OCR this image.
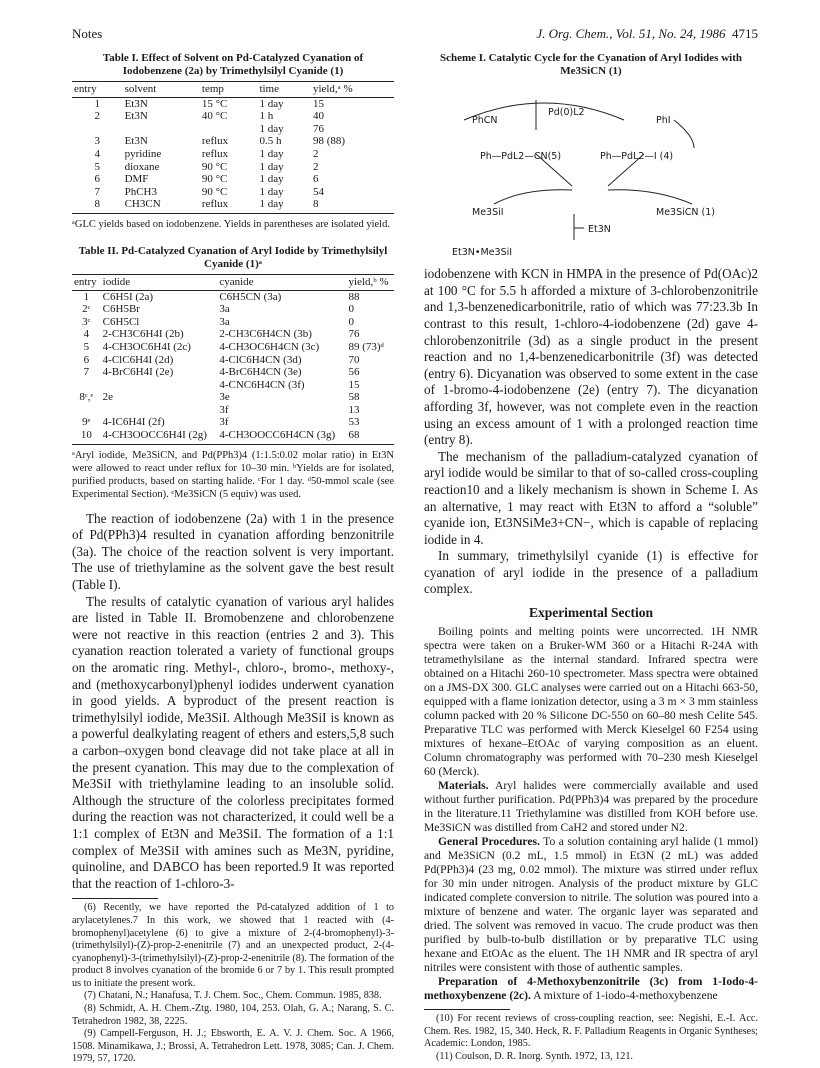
Notes	J. Org. Chem., Vol. 51, No. 24, 1986 4715
Table I. Effect of Solvent on Pd-Catalyzed Cyanation of Iodobenzene (2a) by Trimethylsilyl Cyanide (1)
entry	solvent	temp	time	yield,ᵃ %
1	Et3N	15 °C	1 day	15
2	Et3N	40 °C	1 h	40
			1 day	76
3	Et3N	reflux	0.5 h	98 (88)
4	pyridine	reflux	1 day	2
5	dioxane	90 °C	1 day	2
6	DMF	90 °C	1 day	6
7	PhCH3	90 °C	1 day	54
8	CH3CN	reflux	1 day	8

ᵃGLC yields based on iodobenzene. Yields in parentheses are isolated yield.

Table II. Pd-Catalyzed Cyanation of Aryl Iodide by Trimethylsilyl Cyanide (1)ᵃ
entry	iodide	cyanide	yield,ᵇ %
1	C6H5I (2a)	C6H5CN (3a)	88
2ᶜ	C6H5Br	3a	0
3ᶜ	C6H5Cl	3a	0
4	2-CH3C6H4I (2b)	2-CH3C6H4CN (3b)	76
5	4-CH3OC6H4I (2c)	4-CH3OC6H4CN (3c)	89 (73)ᵈ
6	4-ClC6H4I (2d)	4-ClC6H4CN (3d)	70
7	4-BrC6H4I (2e)	4-BrC6H4CN (3e)	56
		4-CNC6H4CN (3f)	15
8ᶜ,ᵉ	2e	3e	58
		3f	13
9ᵉ	4-IC6H4I (2f)	3f	53
10	4-CH3OOCC6H4I (2g)	4-CH3OOCC6H4CN (3g)	68

ᵃAryl iodide, Me3SiCN, and Pd(PPh3)4 (1:1.5:0.02 molar ratio) in Et3N were allowed to react under reflux for 10–30 min. ᵇYields are for isolated, purified products, based on starting halide. ᶜFor 1 day. ᵈ50-mmol scale (see Experimental Section). ᵉMe3SiCN (5 equiv) was used.

The reaction of iodobenzene (2a) with 1 in the presence of Pd(PPh3)4 resulted in cyanation affording benzonitrile (3a). The choice of the reaction solvent is very important. The use of triethylamine as the solvent gave the best result (Table I).

The results of catalytic cyanation of various aryl halides are listed in Table II. Bromobenzene and chlorobenzene were not reactive in this reaction (entries 2 and 3). This cyanation reaction tolerated a variety of functional groups on the aromatic ring. Methyl-, chloro-, bromo-, methoxy-, and (methoxycarbonyl)phenyl iodides underwent cyanation in good yields. A byproduct of the present reaction is trimethylsilyl iodide, Me3SiI. Although Me3SiI is known as a powerful dealkylating reagent of ethers and esters,5,8 such a carbon–oxygen bond cleavage did not take place at all in the present cyanation. This may due to the complexation of Me3SiI with triethylamine leading to an insoluble solid. Although the structure of the colorless precipitates formed during the reaction was not characterized, it could well be a 1:1 complex of Et3N and Me3SiI. The formation of a 1:1 complex of Me3SiI with amines such as Me3N, pyridine, quinoline, and DABCO has been reported.9 It was reported that the reaction of 1-chloro-3-

(6) Recently, we have reported the Pd-catalyzed addition of 1 to arylacetylenes.7 In this work, we showed that 1 reacted with (4-bromophenyl)acetylene (6) to give a mixture of 2-(4-bromophenyl)-3-(trimethylsilyl)-(Z)-prop-2-enenitrile (7) and an unexpected product, 2-(4-cyanophenyl)-3-(trimethylsilyl)-(Z)-prop-2-enenitrile (8). The formation of the product 8 involves cyanation of the bromide 6 or 7 by 1. This result prompted us to initiate the present work.

(7) Chatani, N.; Hanafusa, T. J. Chem. Soc., Chem. Commun. 1985, 838.

(8) Schmidt, A. H. Chem.-Ztg. 1980, 104, 253. Olah, G. A.; Narang, S. C. Tetrahedron 1982, 38, 2225.

(9) Campell-Ferguson, H. J.; Ebsworth, E. A. V. J. Chem. Soc. A 1966, 1508. Minamikawa, J.; Brossi, A. Tetrahedron Lett. 1978, 3085; Can. J. Chem. 1979, 57, 1720.

Scheme I. Catalytic Cycle for the Cyanation of Aryl Iodides with Me3SiCN (1)
PhCN
Pd(0)L2
PhI
Ph—PdL2—CN(5)	Ph—PdL2—I (4)
Me3SiI	Me3SiCN (1)
Et3N
Et3N•Me3SiI

iodobenzene with KCN in HMPA in the presence of Pd(OAc)2 at 100 °C for 5.5 h afforded a mixture of 3-chlorobenzonitrile and 1,3-benzenedicarbonitrile, ratio of which was 77:23.3b In contrast to this result, 1-chloro-4-iodobenzene (2d) gave 4-chlorobenzonitrile (3d) as a single product in the present reaction and no 1,4-benzenedicarbonitrile (3f) was detected (entry 6). Dicyanation was observed to some extent in the case of 1-bromo-4-iodobenzene (2e) (entry 7). The dicyanation affording 3f, however, was not complete even in the reaction using an excess amount of 1 with a prolonged reaction time (entry 8).

The mechanism of the palladium-catalyzed cyanation of aryl iodide would be similar to that of so-called cross-coupling reaction10 and a likely mechanism is shown in Scheme I. As an alternative, 1 may react with Et3N to afford a “soluble” cyanide ion, Et3NSiMe3+CN−, which is capable of replacing iodide in 4.

In summary, trimethylsilyl cyanide (1) is effective for cyanation of aryl iodide in the presence of a palladium complex.

Experimental Section

Boiling points and melting points were uncorrected. 1H NMR spectra were taken on a Bruker-WM 360 or a Hitachi R-24A with tetramethylsilane as the internal standard. Infrared spectra were obtained on a Hitachi 260-10 spectrometer. Mass spectra were obtained on a JMS-DX 300. GLC analyses were carried out on a Hitachi 663-50, equipped with a flame ionization detector, using a 3 m × 3 mm stainless column packed with 20 % Silicone DC-550 on 60–80 mesh Celite 545. Preparative TLC was performed with Merck Kieselgel 60 F254 using mixtures of hexane–EtOAc of varying composition as an eluent. Column chromatography was performed with 70–230 mesh Kieselgel 60 (Merck).

Materials. Aryl halides were commercially available and used without further purification. Pd(PPh3)4 was prepared by the procedure in the literature.11 Triethylamine was distilled from KOH before use. Me3SiCN was distilled from CaH2 and stored under N2.

General Procedures. To a solution containing aryl halide (1 mmol) and Me3SiCN (0.2 mL, 1.5 mmol) in Et3N (2 mL) was added Pd(PPh3)4 (23 mg, 0.02 mmol). The mixture was stirred under reflux for 30 min under nitrogen. Analysis of the product mixture by GLC indicated complete conversion to nitrile. The solution was poured into a mixture of benzene and water. The organic layer was separated and dried. The solvent was removed in vacuo. The crude product was then purified by bulb-to-bulb distillation or by preparative TLC using hexane and EtOAc as the eluent. The 1H NMR and IR spectra of aryl nitriles were consistent with those of authentic samples.

Preparation of 4-Methoxybenzonitrile (3c) from 1-Iodo-4-methoxybenzene (2c). A mixture of 1-iodo-4-methoxybenzene

(10) For recent reviews of cross-coupling reaction, see: Negishi, E.-I. Acc. Chem. Res. 1982, 15, 340. Heck, R. F. Palladium Reagents in Organic Syntheses; Academic: London, 1985.

(11) Coulson, D. R. Inorg. Synth. 1972, 13, 121.
